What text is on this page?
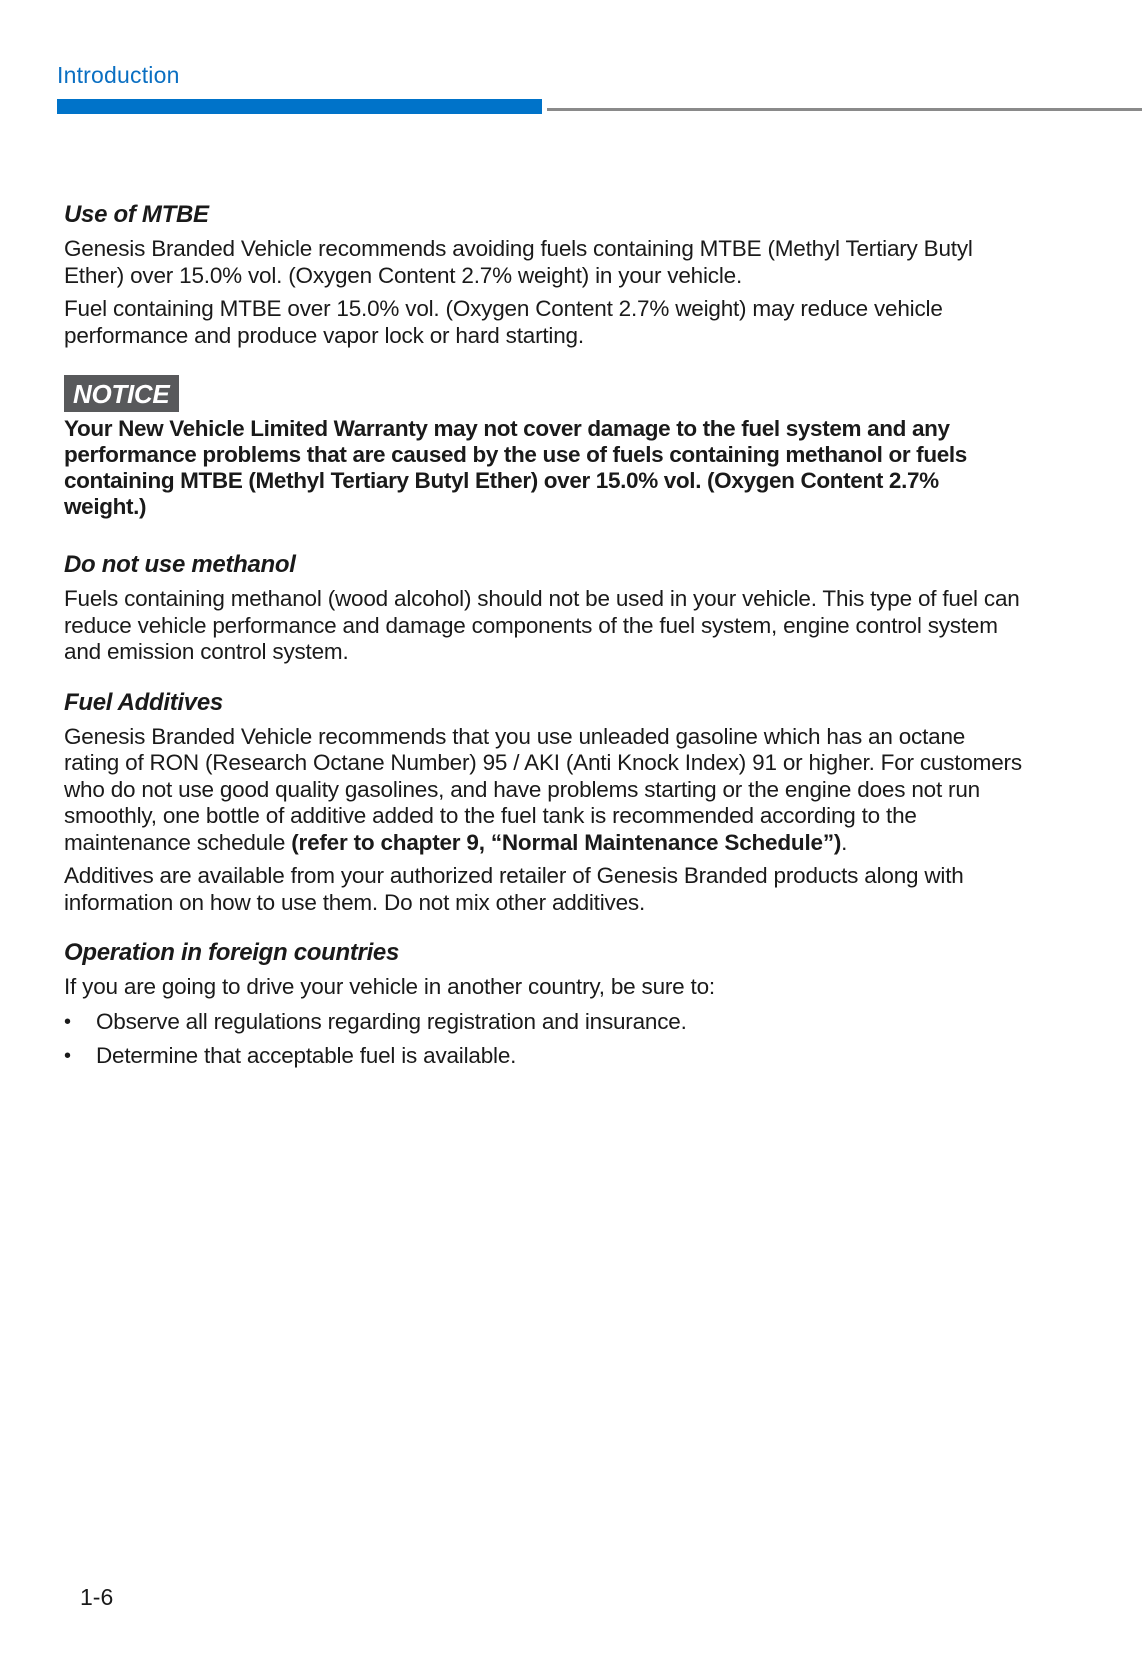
Introduction
Use of MTBE

Genesis Branded Vehicle recommends avoiding fuels containing MTBE (Methyl Tertiary Butyl Ether) over 15.0% vol. (Oxygen Content 2.7% weight) in your vehicle.

Fuel containing MTBE over 15.0% vol. (Oxygen Content 2.7% weight) may reduce vehicle performance and produce vapor lock or hard starting.

NOTICE

Your New Vehicle Limited Warranty may not cover damage to the fuel system and any performance problems that are caused by the use of fuels containing methanol or fuels containing MTBE (Methyl Tertiary Butyl Ether) over 15.0% vol. (Oxygen Content 2.7% weight.)

Do not use methanol

Fuels containing methanol (wood alcohol) should not be used in your vehicle. This type of fuel can reduce vehicle performance and damage components of the fuel system, engine control system and emission control system.

Fuel Additives

Genesis Branded Vehicle recommends that you use unleaded gasoline which has an octane rating of RON (Research Octane Number) 95 / AKI (Anti Knock Index) 91 or higher. For customers who do not use good quality gasolines, and have problems starting or the engine does not run smoothly, one bottle of additive added to the fuel tank is recommended according to the maintenance schedule (refer to chapter 9, “Normal Maintenance Schedule”).

Additives are available from your authorized retailer of Genesis Branded products along with information on how to use them. Do not mix other additives.

Operation in foreign countries

If you are going to drive your vehicle in another country, be sure to:

• Observe all regulations regarding registration and insurance.
• Determine that acceptable fuel is available.
1-6
